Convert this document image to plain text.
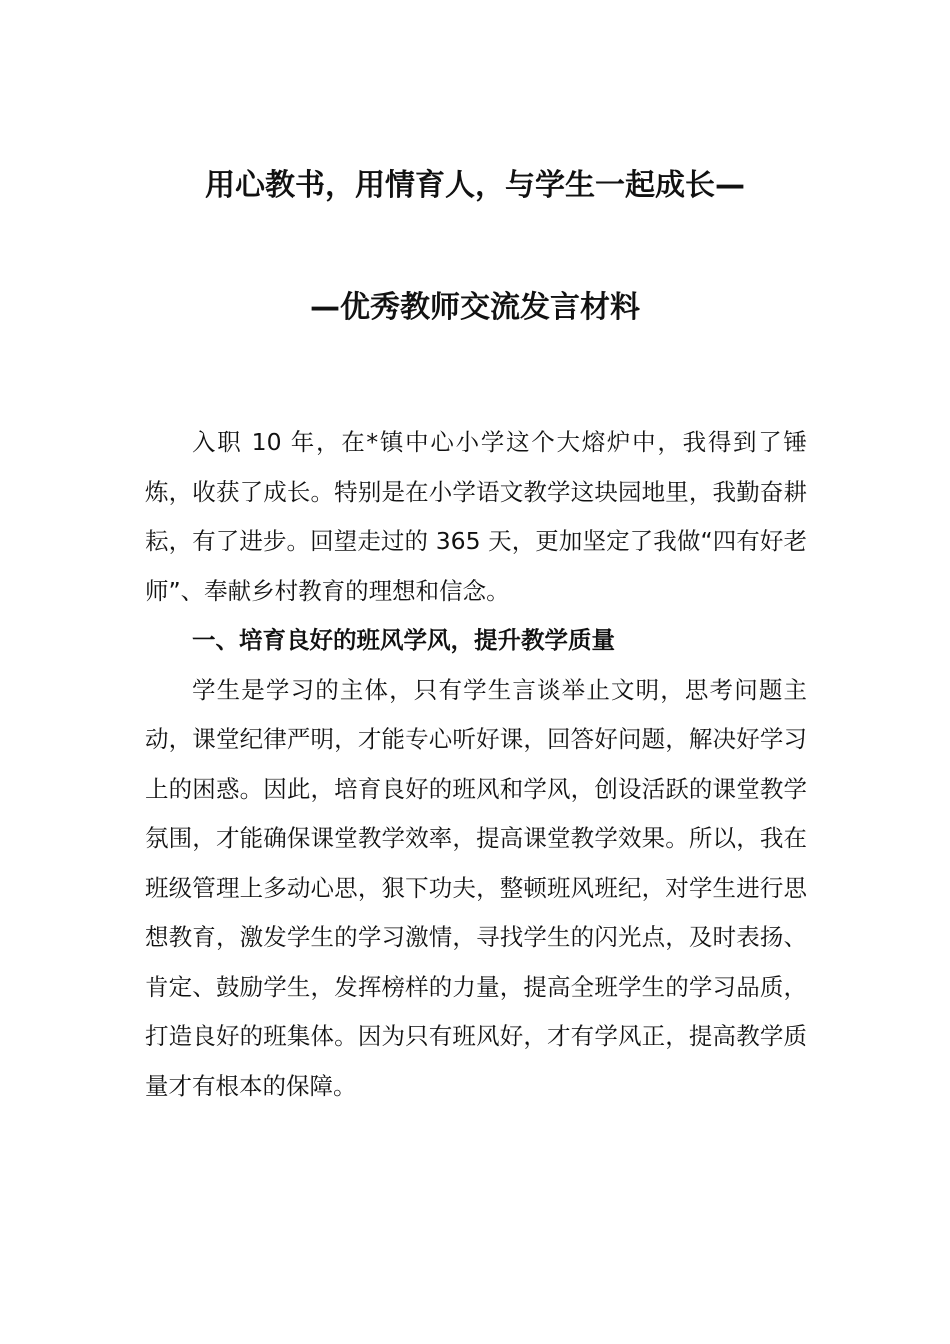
用心教书，用情育人，与学生一起成长—
—优秀教师交流发言材料

入职 10 年，在*镇中心小学这个大熔炉中，我得到了锤炼，收获了成长。特别是在小学语文教学这块园地里，我勤奋耕耘，有了进步。回望走过的 365 天，更加坚定了我做“四有好老师”、奉献乡村教育的理想和信念。

一、培育良好的班风学风，提升教学质量

学生是学习的主体，只有学生言谈举止文明，思考问题主动，课堂纪律严明，才能专心听好课，回答好问题，解决好学习上的困惑。因此，培育良好的班风和学风，创设活跃的课堂教学氛围，才能确保课堂教学效率，提高课堂教学效果。所以，我在班级管理上多动心思，狠下功夫，整顿班风班纪，对学生进行思想教育，激发学生的学习激情，寻找学生的闪光点，及时表扬、肯定、鼓励学生，发挥榜样的力量，提高全班学生的学习品质，打造良好的班集体。因为只有班风好，才有学风正，提高教学质量才有根本的保障。
